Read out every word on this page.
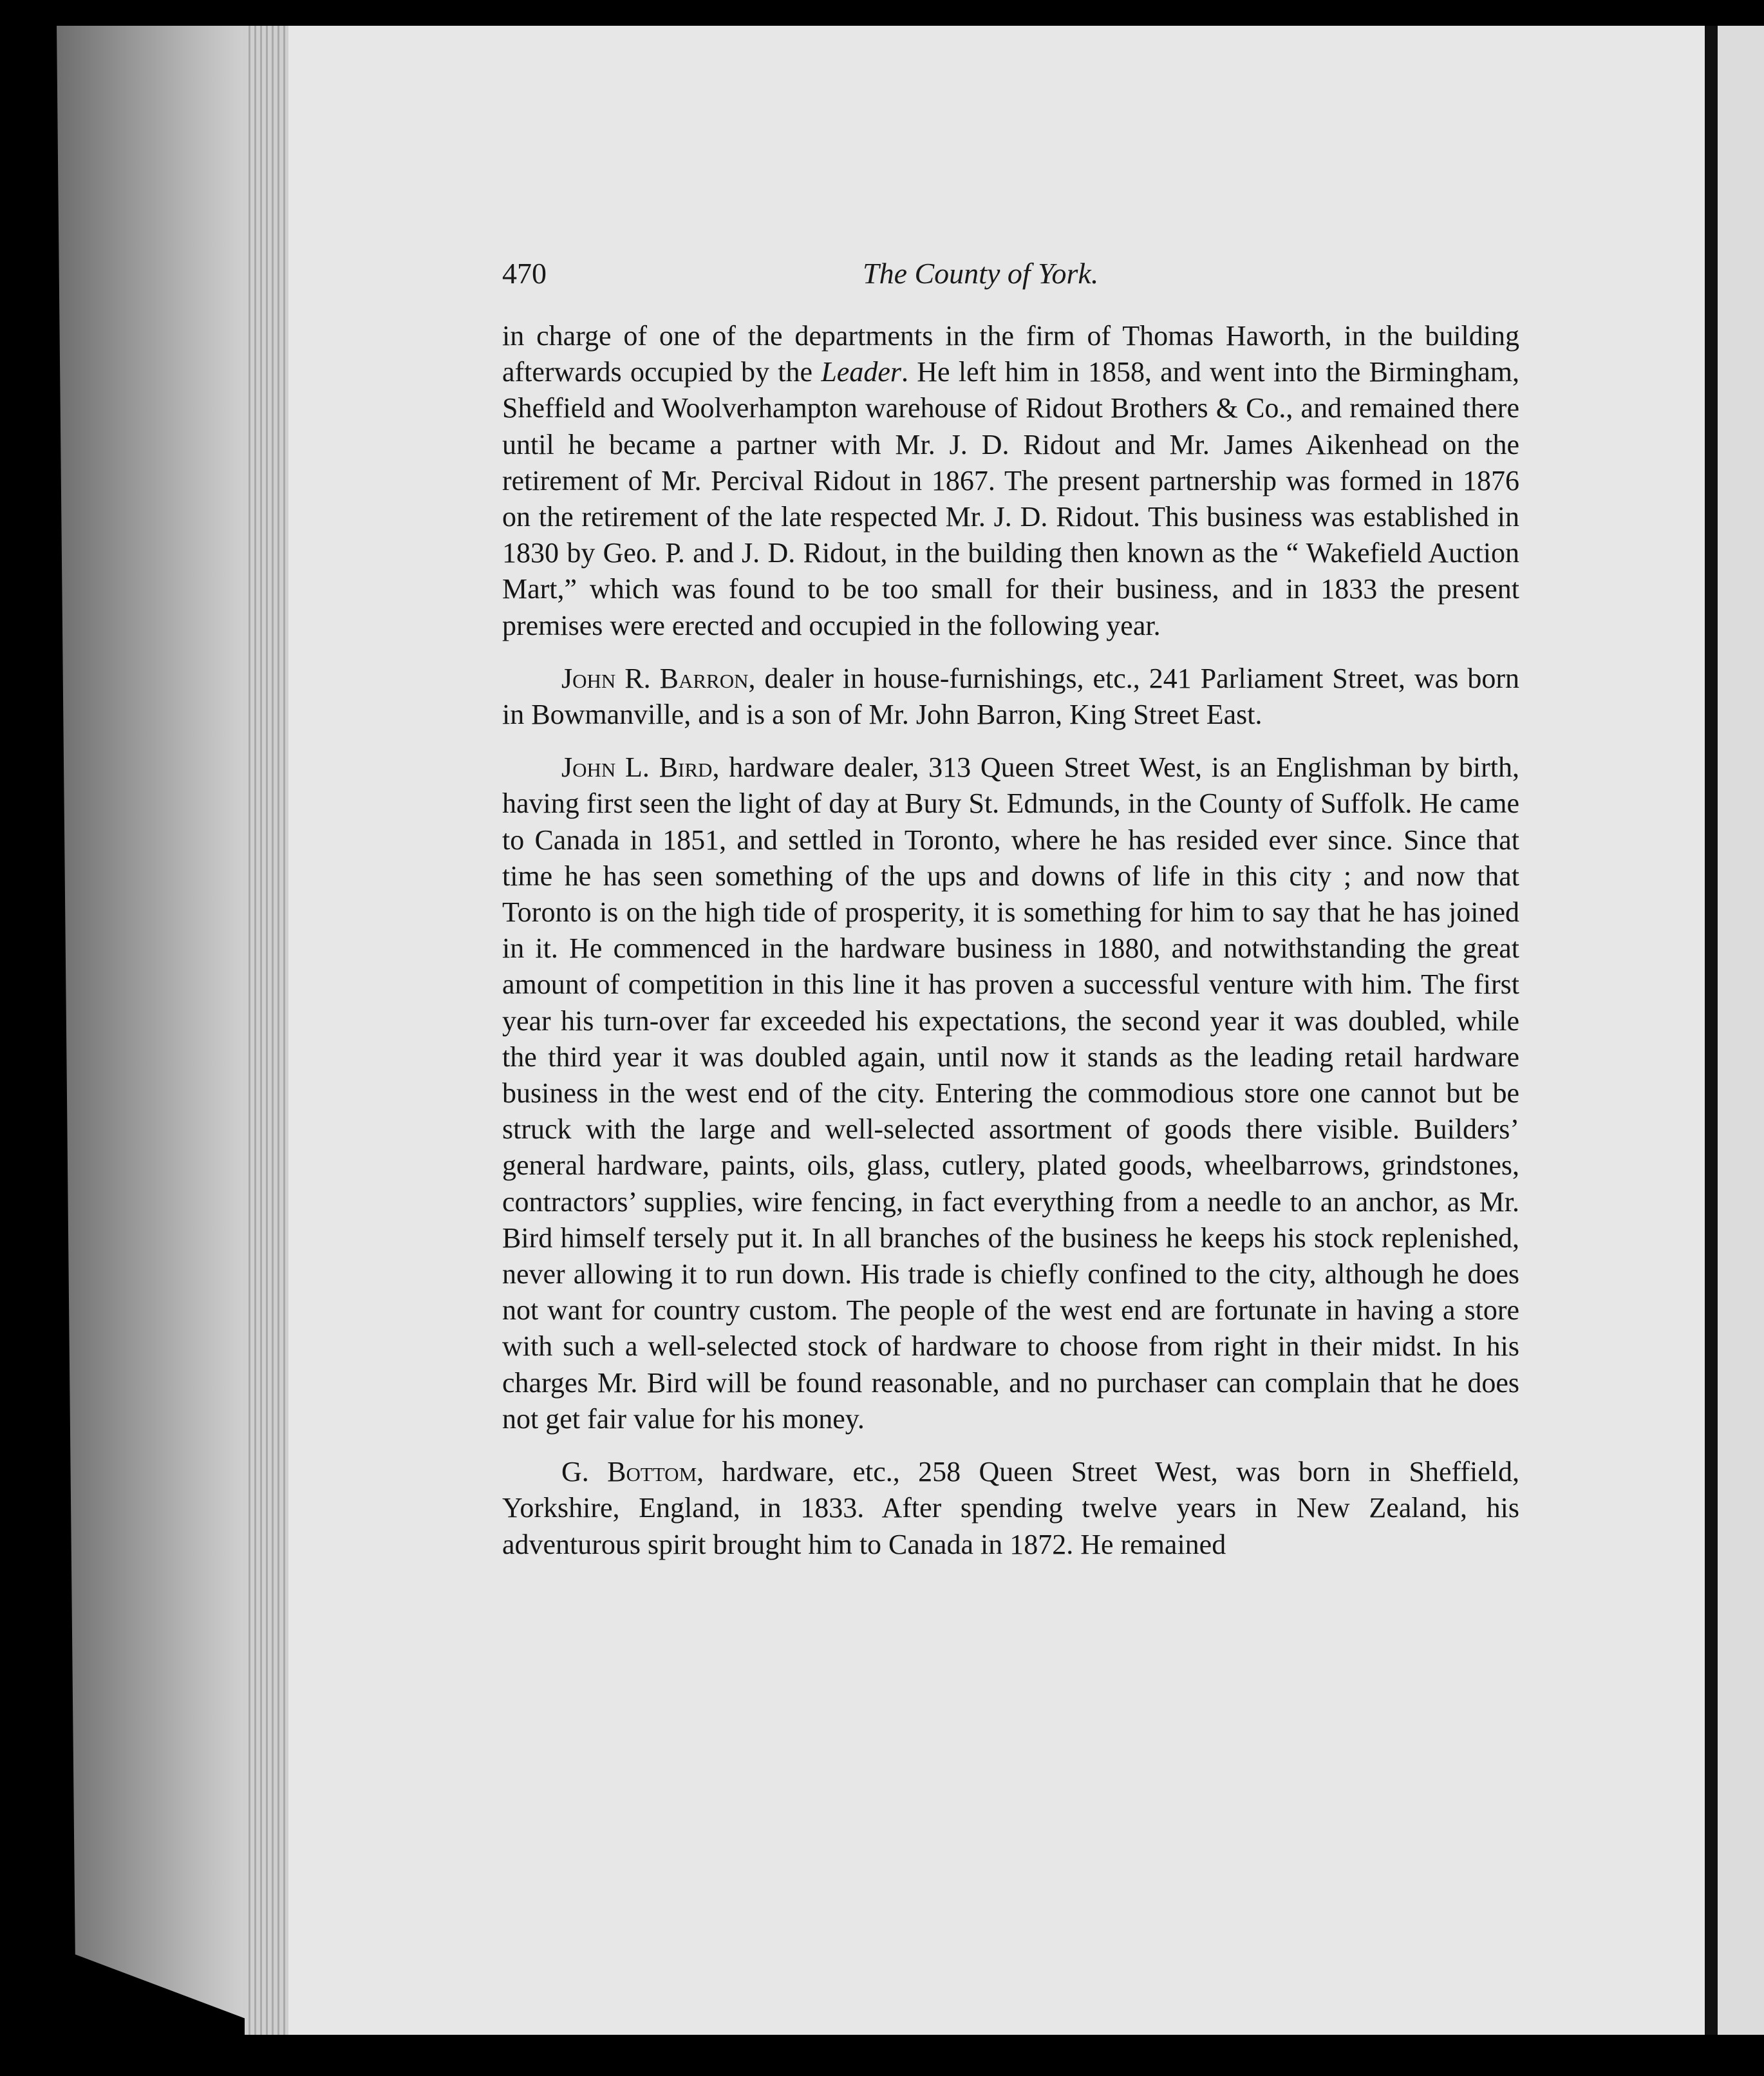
470	The County of York.

in charge of one of the departments in the firm of Thomas Haworth, in the building afterwards occupied by the Leader. He left him in 1858, and went into the Birmingham, Sheffield and Woolverhampton warehouse of Ridout Brothers & Co., and remained there until he became a partner with Mr. J. D. Ridout and Mr. James Aikenhead on the retirement of Mr. Percival Ridout in 1867. The present partnership was formed in 1876 on the retirement of the late respected Mr. J. D. Ridout. This business was established in 1830 by Geo. P. and J. D. Ridout, in the building then known as the “ Wakefield Auction Mart,” which was found to be too small for their business, and in 1833 the present premises were erected and occupied in the following year.

John R. Barron, dealer in house-furnishings, etc., 241 Parliament Street, was born in Bowmanville, and is a son of Mr. John Barron, King Street East.

John L. Bird, hardware dealer, 313 Queen Street West, is an Englishman by birth, having first seen the light of day at Bury St. Edmunds, in the County of Suffolk. He came to Canada in 1851, and settled in Toronto, where he has resided ever since. Since that time he has seen something of the ups and downs of life in this city ; and now that Toronto is on the high tide of prosperity, it is something for him to say that he has joined in it. He commenced in the hardware business in 1880, and notwithstanding the great amount of competition in this line it has proven a successful venture with him. The first year his turn-over far exceeded his expectations, the second year it was doubled, while the third year it was doubled again, until now it stands as the leading retail hardware business in the west end of the city. Entering the commodious store one cannot but be struck with the large and well-selected assortment of goods there visible. Builders’ general hardware, paints, oils, glass, cutlery, plated goods, wheelbarrows, grindstones, contractors’ supplies, wire fencing, in fact everything from a needle to an anchor, as Mr. Bird himself tersely put it. In all branches of the business he keeps his stock replenished, never allowing it to run down. His trade is chiefly confined to the city, although he does not want for country custom. The people of the west end are fortunate in having a store with such a well-selected stock of hardware to choose from right in their midst. In his charges Mr. Bird will be found reasonable, and no purchaser can complain that he does not get fair value for his money.

G. Bottom, hardware, etc., 258 Queen Street West, was born in Sheffield, Yorkshire, England, in 1833. After spending twelve years in New Zealand, his adventurous spirit brought him to Canada in 1872. He remained
